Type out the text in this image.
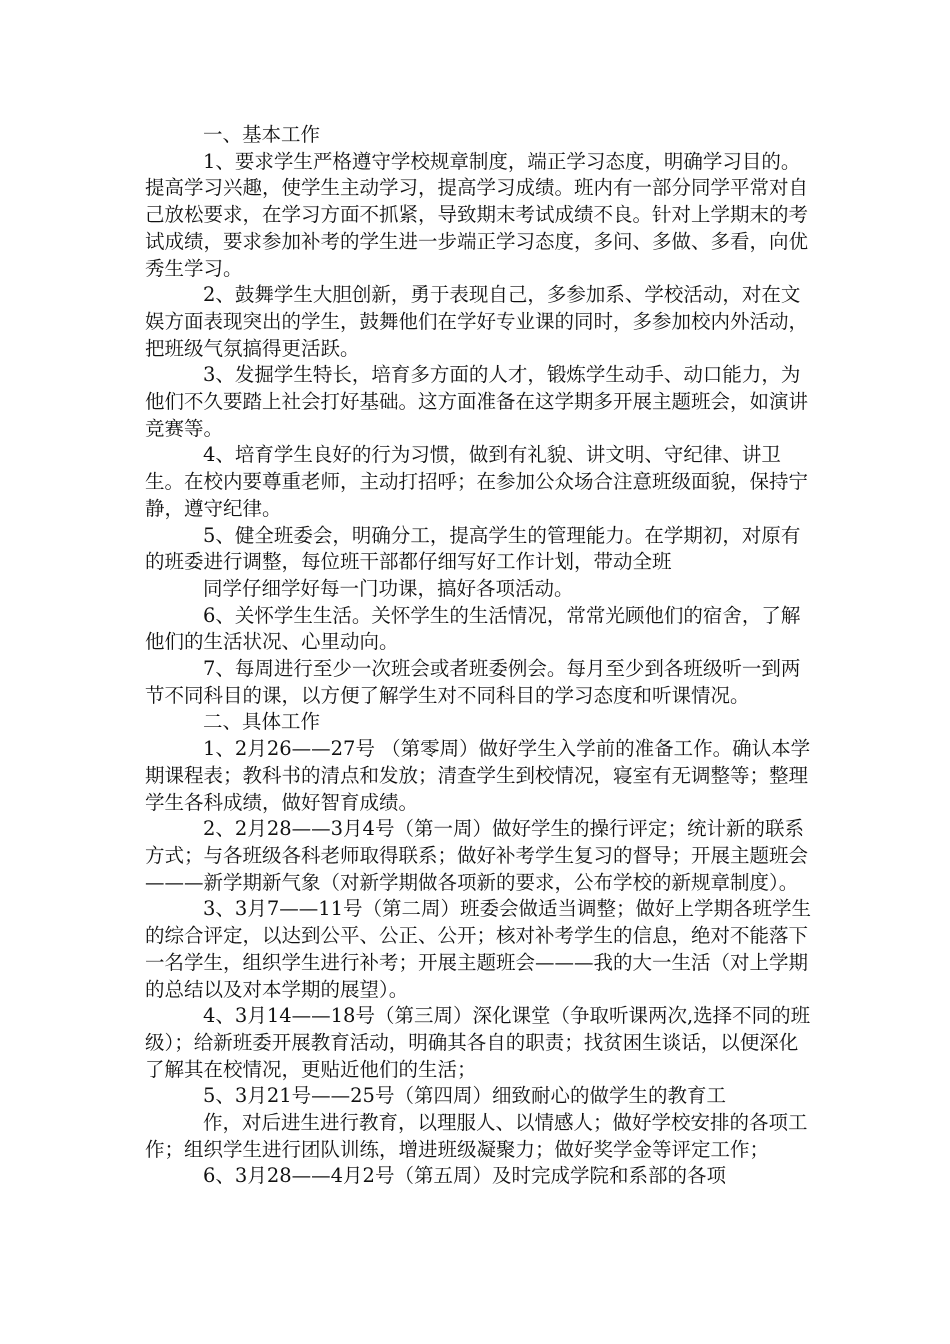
一、基本工作

1、要求学生严格遵守学校规章制度，端正学习态度，明确学习目的。提高学习兴趣，使学生主动学习，提高学习成绩。班内有一部分同学平常对自己放松要求，在学习方面不抓紧，导致期末考试成绩不良。针对上学期末的考试成绩，要求参加补考的学生进一步端正学习态度，多问、多做、多看，向优秀生学习。

2、鼓舞学生大胆创新，勇于表现自己，多参加系、学校活动，对在文娱方面表现突出的学生，鼓舞他们在学好专业课的同时，多参加校内外活动，把班级气氛搞得更活跃。

3、发掘学生特长，培育多方面的人才，锻炼学生动手、动口能力，为他们不久要踏上社会打好基础。这方面准备在这学期多开展主题班会，如演讲竞赛等。

4、培育学生良好的行为习惯，做到有礼貌、讲文明、守纪律、讲卫生。在校内要尊重老师，主动打招呼；在参加公众场合注意班级面貌，保持宁静，遵守纪律。

5、健全班委会，明确分工，提高学生的管理能力。在学期初，对原有的班委进行调整，每位班干部都仔细写好工作计划，带动全班

同学仔细学好每一门功课，搞好各项活动。

6、关怀学生生活。关怀学生的生活情况，常常光顾他们的宿舍，了解他们的生活状况、心里动向。

7、每周进行至少一次班会或者班委例会。每月至少到各班级听一到两节不同科目的课，以方便了解学生对不同科目的学习态度和听课情况。

二、具体工作

1、2月26——27号 （第零周）做好学生入学前的准备工作。确认本学期课程表；教科书的清点和发放；清查学生到校情况，寝室有无调整等；整理学生各科成绩，做好智育成绩。

2、2月28——3月4号（第一周）做好学生的操行评定；统计新的联系方式；与各班级各科老师取得联系；做好补考学生复习的督导；开展主题班会———新学期新气象（对新学期做各项新的要求，公布学校的新规章制度）。

3、3月7——11号（第二周）班委会做适当调整；做好上学期各班学生的综合评定，以达到公平、公正、公开；核对补考学生的信息，绝对不能落下一名学生，组织学生进行补考；开展主题班会———我的大一生活（对上学期的总结以及对本学期的展望）。

4、3月14——18号（第三周）深化课堂（争取听课两次,选择不同的班级）；给新班委开展教育活动，明确其各自的职责；找贫困生谈话，以便深化了解其在校情况，更贴近他们的生活；

5、3月21号——25号（第四周）细致耐心的做学生的教育工

作，对后进生进行教育，以理服人、以情感人；做好学校安排的各项工作；组织学生进行团队训练，增进班级凝聚力；做好奖学金等评定工作；

6、3月28——4月2号（第五周）及时完成学院和系部的各项
